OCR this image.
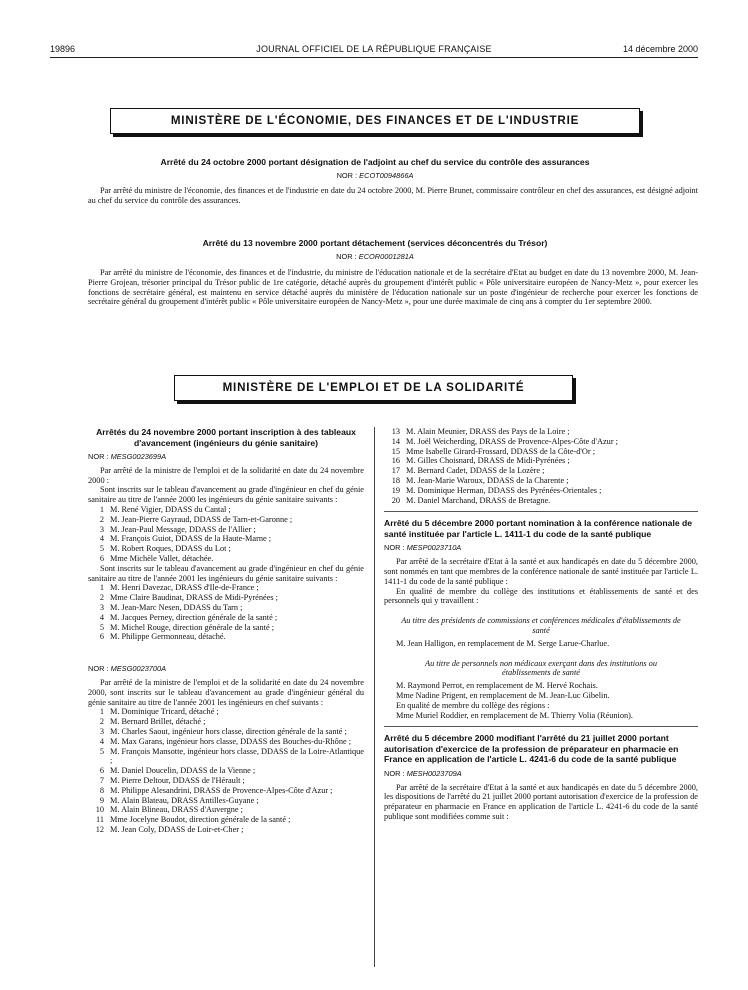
19896	JOURNAL OFFICIEL DE LA RÉPUBLIQUE FRANÇAISE	14 décembre 2000
MINISTÈRE DE L'ÉCONOMIE, DES FINANCES ET DE L'INDUSTRIE
Arrêté du 24 octobre 2000 portant désignation de l'adjoint au chef du service du contrôle des assurances
NOR : ECOT0094866A

Par arrêté du ministre de l'économie, des finances et de l'industrie en date du 24 octobre 2000, M. Pierre Brunet, commissaire contrôleur en chef des assurances, est désigné adjoint au chef du service du contrôle des assurances.

Arrêté du 13 novembre 2000 portant détachement (services déconcentrés du Trésor)
NOR : ECOR0001281A

Par arrêté du ministre de l'économie, des finances et de l'industrie, du ministre de l'éducation nationale et de la secrétaire d'Etat au budget en date du 13 novembre 2000, M. Jean-Pierre Grojean, trésorier principal du Trésor public de 1re catégorie, détaché auprès du groupement d'intérêt public « Pôle universitaire européen de Nancy-Metz », pour exercer les fonctions de secrétaire général, est maintenu en service détaché auprès du ministère de l'éducation nationale sur un poste d'ingénieur de recherche pour exercer les fonctions de secrétaire général du groupement d'intérêt public « Pôle universitaire européen de Nancy-Metz », pour une durée maximale de cinq ans à compter du 1er septembre 2000.

MINISTÈRE DE L'EMPLOI ET DE LA SOLIDARITÉ
Arrêtés du 24 novembre 2000 portant inscription à des tableaux d'avancement (ingénieurs du génie sanitaire)

NOR : MESG0023699A

Par arrêté de la ministre de l'emploi et de la solidarité en date du 24 novembre 2000 :

Sont inscrits sur le tableau d'avancement au grade d'ingénieur en chef du génie sanitaire au titre de l'année 2000 les ingénieurs du génie sanitaire suivants :

1 M. René Vigier, DDASS du Cantal ;
2 M. Jean-Pierre Gayraud, DDASS de Tarn-et-Garonne ;
3 M. Jean-Paul Message, DDASS de l'Allier ;
4 M. François Guiot, DDASS de la Haute-Marne ;
5 M. Robert Roques, DDASS du Lot ;
6 Mme Michèle Vallet, détachée.

Sont inscrits sur le tableau d'avancement au grade d'ingénieur en chef du génie sanitaire au titre de l'année 2001 les ingénieurs du génie sanitaire suivants :

1 M. Henri Davezac, DRASS d'Ile-de-France ;
2 Mme Claire Baudinat, DRASS de Midi-Pyrénées ;
3 M. Jean-Marc Nesen, DDASS du Tarn ;
4 M. Jacques Perney, direction générale de la santé ;
5 M. Michel Rouge, direction générale de la santé ;
6 M. Philippe Germonneau, détaché.

NOR : MESG0023700A

Par arrêté de la ministre de l'emploi et de la solidarité en date du 24 novembre 2000, sont inscrits sur le tableau d'avancement au grade d'ingénieur général du génie sanitaire au titre de l'année 2001 les ingénieurs en chef suivants :

1 M. Dominique Tricard, détaché ;
2 M. Bernard Brillet, détaché ;
3 M. Charles Saout, ingénieur hors classe, direction générale de la santé ;
4 M. Max Garans, ingénieur hors classe, DDASS des Bouches-du-Rhône ;
5 M. François Mansotte, ingénieur hors classe, DDASS de la Loire-Atlantique ;
6 M. Daniel Doucelin, DDASS de la Vienne ;
7 M. Pierre Deltour, DDASS de l'Hérault ;
8 M. Philippe Alesandrini, DRASS de Provence-Alpes-Côte d'Azur ;
9 M. Alain Blateau, DRASS Antilles-Guyane ;
10 M. Alain Blineau, DRASS d'Auvergne ;
11 Mme Jocelyne Boudot, direction générale de la santé ;
12 M. Jean Coly, DDASS de Loir-et-Cher ;
13 M. Alain Meunier, DRASS des Pays de la Loire ;
14 M. Joël Weicherding, DRASS de Provence-Alpes-Côte d'Azur ;
15 Mme Isabelle Girard-Frossard, DDASS de la Côte-d'Or ;
16 M. Gilles Choisnard, DRASS de Midi-Pyrénées ;
17 M. Bernard Cadet, DDASS de la Lozère ;
18 M. Jean-Marie Waroux, DDASS de la Charente ;
19 M. Dominique Herman, DDASS des Pyrénées-Orientales ;
20 M. Daniel Marchand, DRASS de Bretagne.
Arrêté du 5 décembre 2000 portant nomination à la conférence nationale de santé instituée par l'article L. 1411-1 du code de la santé publique

NOR : MESP0023710A

Par arrêté de la secrétaire d'Etat à la santé et aux handicapés en date du 5 décembre 2000, sont nommés en tant que membres de la conférence nationale de santé instituée par l'article L. 1411-1 du code de la santé publique :

En qualité de membre du collège des institutions et établissements de santé et des personnels qui y travaillent :

Au titre des présidents de commissions et conférences médicales d'établissements de santé

M. Jean Halligon, en remplacement de M. Serge Larue-Charlue.

Au titre de personnels non médicaux exerçant dans des institutions ou établissements de santé

M. Raymond Perrot, en remplacement de M. Hervé Rochais.

Mme Nadine Prigent, en remplacement de M. Jean-Luc Gibelin.

En qualité de membre du collège des régions :

Mme Muriel Roddier, en remplacement de M. Thierry Volia (Réunion).

Arrêté du 5 décembre 2000 modifiant l'arrêté du 21 juillet 2000 portant autorisation d'exercice de la profession de préparateur en pharmacie en France en application de l'article L. 4241-6 du code de la santé publique

NOR : MESH0023709A

Par arrêté de la secrétaire d'Etat à la santé et aux handicapés en date du 5 décembre 2000, les dispositions de l'arrêté du 21 juillet 2000 portant autorisation d'exercice de la profession de préparateur en pharmacie en France en application de l'article L. 4241-6 du code de la santé publique sont modifiées comme suit :
